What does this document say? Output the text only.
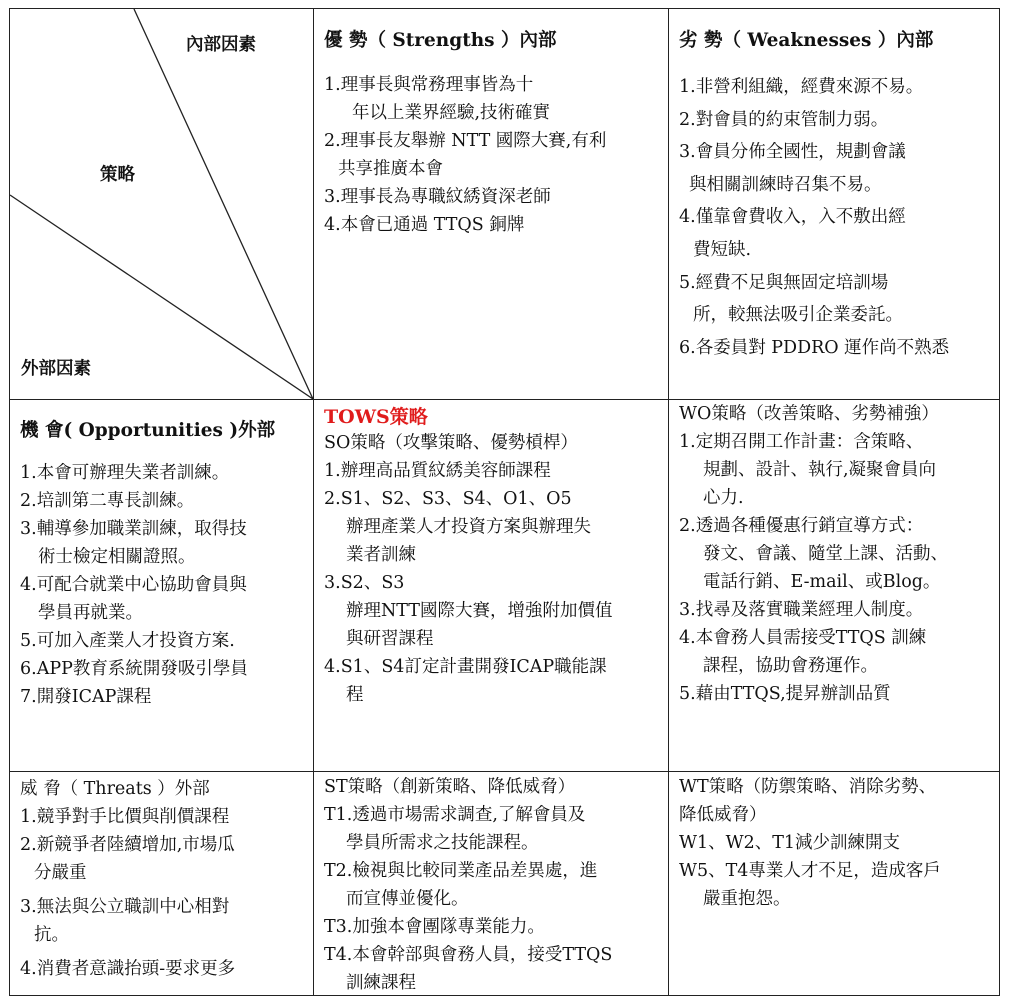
內部因素
策略
外部因素
優 勢（ Strengths ）內部
1.理事長與常務理事皆為十
年以上業界經驗,技術確實
2.理事長友舉辦 NTT 國際大賽,有利
共享推廣本會
3.理事長為專職紋綉資深老師
4.本會已通過 TTQS 銅牌
劣 勢（ Weaknesses ）內部
1.非營利組織，經費來源不易。
2.對會員的約束管制力弱。
3.會員分佈全國性，規劃會議
與相關訓練時召集不易。
4.僅靠會費收入，入不敷出經
費短缺.
5.經費不足與無固定培訓場
所，較無法吸引企業委託。
6.各委員對 PDDRO 運作尚不熟悉
機 會( Opportunities )外部
1.本會可辦理失業者訓練。
2.培訓第二專長訓練。
3.輔導參加職業訓練，取得技
術士檢定相關證照。
4.可配合就業中心協助會員與
學員再就業。
5.可加入產業人才投資方案.
6.APP教育系統開發吸引學員
7.開發ICAP課程
TOWS策略
SO策略（攻擊策略、優勢槓桿）
1.辦理高品質紋綉美容師課程
2.S1、S2、S3、S4、O1、O5
辦理產業人才投資方案與辦理失
業者訓練
3.S2、S3
辦理NTT國際大賽，增強附加價值
與研習課程
4.S1、S4訂定計畫開發ICAP職能課
程
WO策略（改善策略、劣勢補強）
1.定期召開工作計畫：含策略、
規劃、設計、執行,凝聚會員向
心力.
2.透過各種優惠行銷宣導方式：
發文、會議、隨堂上課、活動、
電話行銷、E-mail、或Blog。
3.找尋及落實職業經理人制度。
4.本會務人員需接受TTQS 訓練
課程，協助會務運作。
5.藉由TTQS,提昇辦訓品質
威 脅（ Threats ）外部
1.競爭對手比價與削價課程
2.新競爭者陸續增加,市場瓜
分嚴重
3.無法與公立職訓中心相對
抗。
4.消費者意識抬頭-要求更多
ST策略（創新策略、降低威脅）
T1.透過市場需求調查,了解會員及
學員所需求之技能課程。
T2.檢視與比較同業產品差異處，進
而宣傳並優化。
T3.加強本會團隊專業能力。
T4.本會幹部與會務人員，接受TTQS
訓練課程
WT策略（防禦策略、消除劣勢、
降低威脅）
W1、W2、T1減少訓練開支
W5、T4專業人才不足，造成客戶
嚴重抱怨。
